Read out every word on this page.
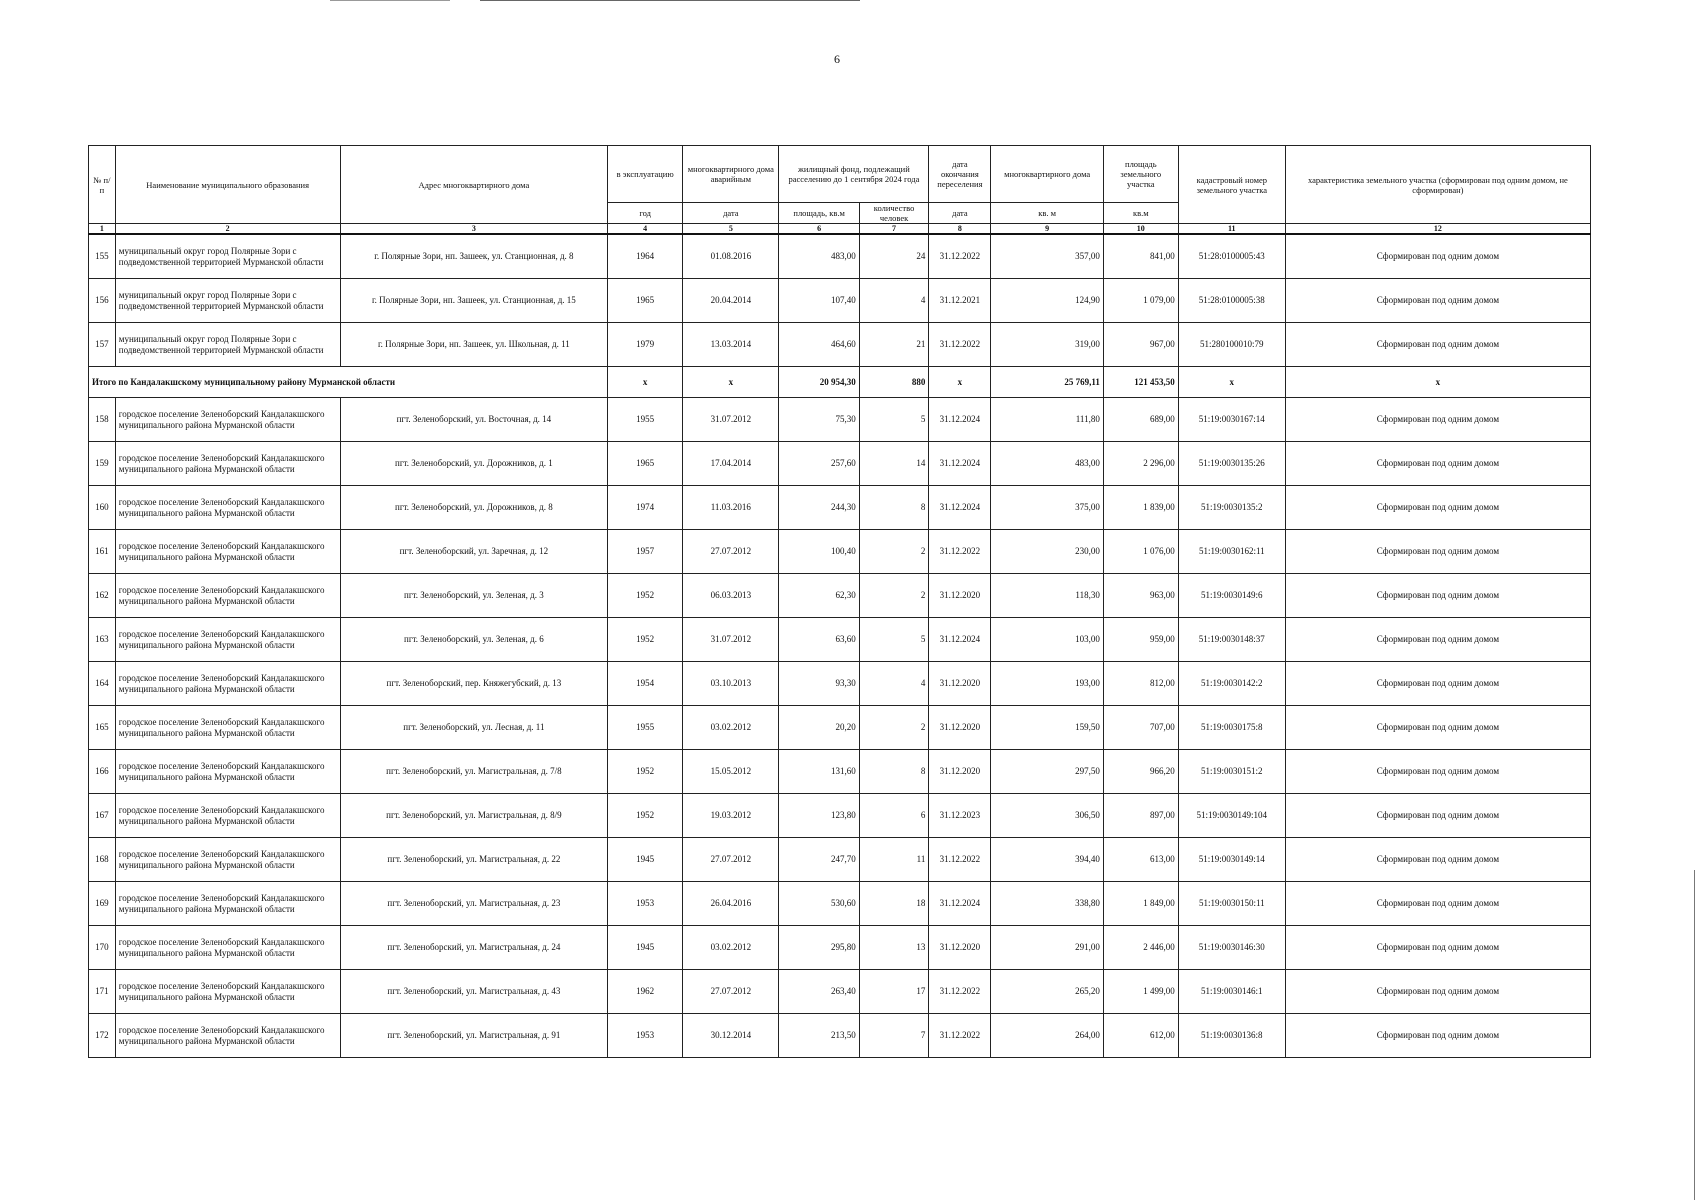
6
№ п/п	Наименование муниципального образования	Адрес многоквартирного дома	в эксплуатацию	многоквартирного дома аварийным	жилищный фонд, подлежащий расселению до 1 сентября 2024 года		дата окончания переселения	многоквартирного дома	площадь земельного участка	кадастровый номер земельного участка	характеристика земельного участка (сформирован под одним домом, не сформирован)
			год	дата	площадь, кв.м	количество человек	дата	кв. м	кв.м		
1	2	3	4	5	6	7	8	9	10	11	12
155	муниципальный округ город Полярные Зори с подведомственной территорией Мурманской области	г. Полярные Зори, нп. Зашеек, ул. Станционная, д. 8	1964	01.08.2016	483,00	24	31.12.2022	357,00	841,00	51:28:0100005:43	Сформирован под одним домом
156	муниципальный округ город Полярные Зори с подведомственной территорией Мурманской области	г. Полярные Зори, нп. Зашеек, ул. Станционная, д. 15	1965	20.04.2014	107,40	4	31.12.2021	124,90	1 079,00	51:28:0100005:38	Сформирован под одним домом
157	муниципальный округ город Полярные Зори с подведомственной территорией Мурманской области	г. Полярные Зори, нп. Зашеек, ул. Школьная, д. 11	1979	13.03.2014	464,60	21	31.12.2022	319,00	967,00	51:280100010:79	Сформирован под одним домом
Итого по Кандалакшскому муниципальному району Мурманской области			x	x	20 954,30	880	x	25 769,11	121 453,50	x	x
158	городское поселение Зеленоборский Кандалакшского муниципального района Мурманской области	пгт. Зеленоборский, ул. Восточная, д. 14	1955	31.07.2012	75,30	5	31.12.2024	111,80	689,00	51:19:0030167:14	Сформирован под одним домом
159	городское поселение Зеленоборский Кандалакшского муниципального района Мурманской области	пгт. Зеленоборский, ул. Дорожников, д. 1	1965	17.04.2014	257,60	14	31.12.2024	483,00	2 296,00	51:19:0030135:26	Сформирован под одним домом
160	городское поселение Зеленоборский Кандалакшского муниципального района Мурманской области	пгт. Зеленоборский, ул. Дорожников, д. 8	1974	11.03.2016	244,30	8	31.12.2024	375,00	1 839,00	51:19:0030135:2	Сформирован под одним домом
161	городское поселение Зеленоборский Кандалакшского муниципального района Мурманской области	пгт. Зеленоборский, ул. Заречная, д. 12	1957	27.07.2012	100,40	2	31.12.2022	230,00	1 076,00	51:19:0030162:11	Сформирован под одним домом
162	городское поселение Зеленоборский Кандалакшского муниципального района Мурманской области	пгт. Зеленоборский, ул. Зеленая, д. 3	1952	06.03.2013	62,30	2	31.12.2020	118,30	963,00	51:19:0030149:6	Сформирован под одним домом
163	городское поселение Зеленоборский Кандалакшского муниципального района Мурманской области	пгт. Зеленоборский, ул. Зеленая, д. 6	1952	31.07.2012	63,60	5	31.12.2024	103,00	959,00	51:19:0030148:37	Сформирован под одним домом
164	городское поселение Зеленоборский Кандалакшского муниципального района Мурманской области	пгт. Зеленоборский, пер. Княжегубский, д. 13	1954	03.10.2013	93,30	4	31.12.2020	193,00	812,00	51:19:0030142:2	Сформирован под одним домом
165	городское поселение Зеленоборский Кандалакшского муниципального района Мурманской области	пгт. Зеленоборский, ул. Лесная, д. 11	1955	03.02.2012	20,20	2	31.12.2020	159,50	707,00	51:19:0030175:8	Сформирован под одним домом
166	городское поселение Зеленоборский Кандалакшского муниципального района Мурманской области	пгт. Зеленоборский, ул. Магистральная, д. 7/8	1952	15.05.2012	131,60	8	31.12.2020	297,50	966,20	51:19:0030151:2	Сформирован под одним домом
167	городское поселение Зеленоборский Кандалакшского муниципального района Мурманской области	пгт. Зеленоборский, ул. Магистральная, д. 8/9	1952	19.03.2012	123,80	6	31.12.2023	306,50	897,00	51:19:0030149:104	Сформирован под одним домом
168	городское поселение Зеленоборский Кандалакшского муниципального района Мурманской области	пгт. Зеленоборский, ул. Магистральная, д. 22	1945	27.07.2012	247,70	11	31.12.2022	394,40	613,00	51:19:0030149:14	Сформирован под одним домом
169	городское поселение Зеленоборский Кандалакшского муниципального района Мурманской области	пгт. Зеленоборский, ул. Магистральная, д. 23	1953	26.04.2016	530,60	18	31.12.2024	338,80	1 849,00	51:19:0030150:11	Сформирован под одним домом
170	городское поселение Зеленоборский Кандалакшского муниципального района Мурманской области	пгт. Зеленоборский, ул. Магистральная, д. 24	1945	03.02.2012	295,80	13	31.12.2020	291,00	2 446,00	51:19:0030146:30	Сформирован под одним домом
171	городское поселение Зеленоборский Кандалакшского муниципального района Мурманской области	пгт. Зеленоборский, ул. Магистральная, д. 43	1962	27.07.2012	263,40	17	31.12.2022	265,20	1 499,00	51:19:0030146:1	Сформирован под одним домом
172	городское поселение Зеленоборский Кандалакшского муниципального района Мурманской области	пгт. Зеленоборский, ул. Магистральная, д. 91	1953	30.12.2014	213,50	7	31.12.2022	264,00	612,00	51:19:0030136:8	Сформирован под одним домом
